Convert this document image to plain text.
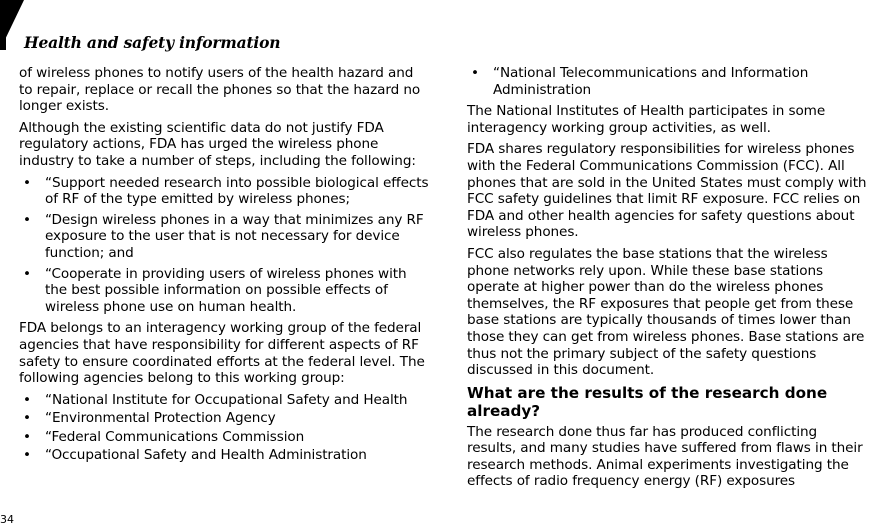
Health and safety information

of wireless phones to notify users of the health hazard and to repair, replace or recall the phones so that the hazard no longer exists.

Although the existing scientific data do not justify FDA regulatory actions, FDA has urged the wireless phone industry to take a number of steps, including the following:

• “Support needed research into possible biological effects of RF of the type emitted by wireless phones;
• “Design wireless phones in a way that minimizes any RF exposure to the user that is not necessary for device function; and
• “Cooperate in providing users of wireless phones with the best possible information on possible effects of wireless phone use on human health.

FDA belongs to an interagency working group of the federal agencies that have responsibility for different aspects of RF safety to ensure coordinated efforts at the federal level. The following agencies belong to this working group:

• “National Institute for Occupational Safety and Health
• “Environmental Protection Agency
• “Federal Communications Commission
• “Occupational Safety and Health Administration
• “National Telecommunications and Information Administration

The National Institutes of Health participates in some interagency working group activities, as well.

FDA shares regulatory responsibilities for wireless phones with the Federal Communications Commission (FCC). All phones that are sold in the United States must comply with FCC safety guidelines that limit RF exposure. FCC relies on FDA and other health agencies for safety questions about wireless phones.

FCC also regulates the base stations that the wireless phone networks rely upon. While these base stations operate at higher power than do the wireless phones themselves, the RF exposures that people get from these base stations are typically thousands of times lower than those they can get from wireless phones. Base stations are thus not the primary subject of the safety questions discussed in this document.

What are the results of the research done already?

The research done thus far has produced conflicting results, and many studies have suffered from flaws in their research methods. Animal experiments investigating the effects of radio frequency energy (RF) exposures

34
